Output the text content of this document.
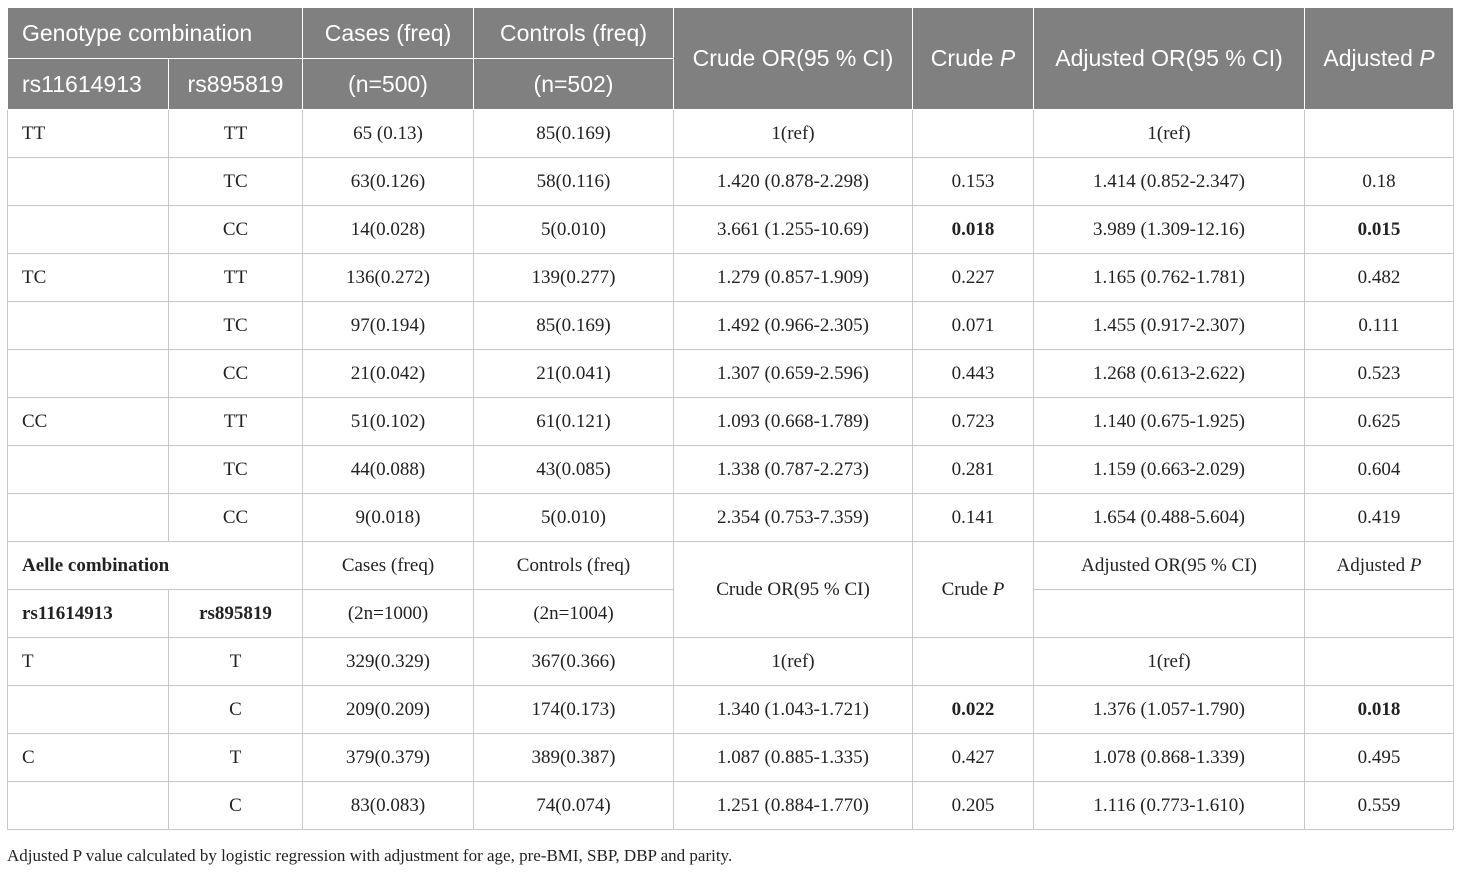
Genotype combination		Cases (freq)	Controls (freq)	Crude OR(95 % CI)	Crude P	Adjusted OR(95 % CI)	Adjusted P
rs11614913	rs895819	(n=500)	(n=502)				
TT	TT	65 (0.13)	85(0.169)	1(ref)		1(ref)	
	TC	63(0.126)	58(0.116)	1.420 (0.878-2.298)	0.153	1.414 (0.852-2.347)	0.18
	CC	14(0.028)	5(0.010)	3.661 (1.255-10.69)	0.018	3.989 (1.309-12.16)	0.015
TC	TT	136(0.272)	139(0.277)	1.279 (0.857-1.909)	0.227	1.165 (0.762-1.781)	0.482
	TC	97(0.194)	85(0.169)	1.492 (0.966-2.305)	0.071	1.455 (0.917-2.307)	0.111
	CC	21(0.042)	21(0.041)	1.307 (0.659-2.596)	0.443	1.268 (0.613-2.622)	0.523
CC	TT	51(0.102)	61(0.121)	1.093 (0.668-1.789)	0.723	1.140 (0.675-1.925)	0.625
	TC	44(0.088)	43(0.085)	1.338 (0.787-2.273)	0.281	1.159 (0.663-2.029)	0.604
	CC	9(0.018)	5(0.010)	2.354 (0.753-7.359)	0.141	1.654 (0.488-5.604)	0.419
Aelle combination		Cases (freq)	Controls (freq)	Crude OR(95 % CI)	Crude P	Adjusted OR(95 % CI)	Adjusted P
rs11614913	rs895819	(2n=1000)	(2n=1004)				
T	T	329(0.329)	367(0.366)	1(ref)		1(ref)	
	C	209(0.209)	174(0.173)	1.340 (1.043-1.721)	0.022	1.376 (1.057-1.790)	0.018
C	T	379(0.379)	389(0.387)	1.087 (0.885-1.335)	0.427	1.078 (0.868-1.339)	0.495
	C	83(0.083)	74(0.074)	1.251 (0.884-1.770)	0.205	1.116 (0.773-1.610)	0.559
Adjusted P value calculated by logistic regression with adjustment for age, pre-BMI, SBP, DBP and parity.
